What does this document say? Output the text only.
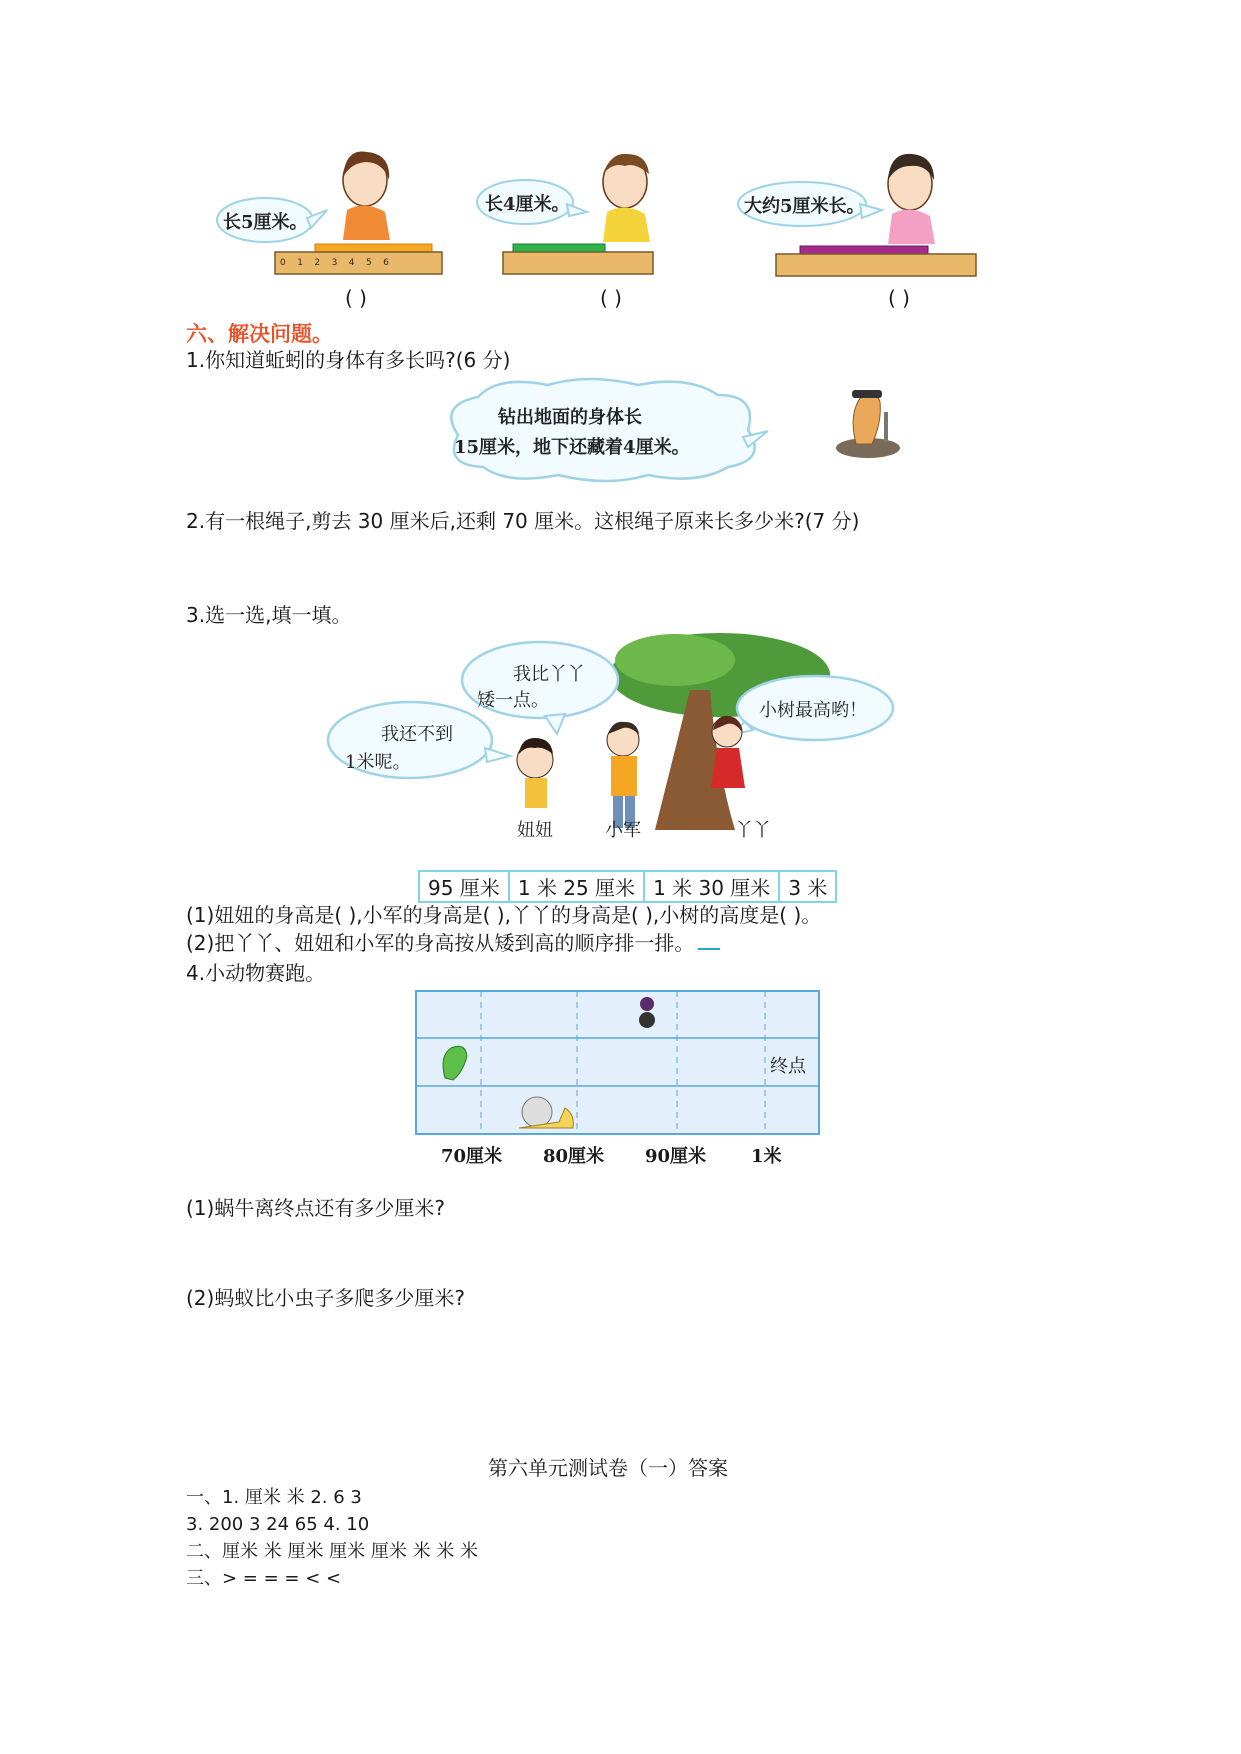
长5厘米。
( )
长4厘米。
( )
大约5厘米长。
( )
0 1 2 3 4 5 6
六、解决问题。
1.你知道蚯蚓的身体有多长吗?(6 分)
钻出地面的身体长
15厘米，地下还藏着4厘米。
2.有一根绳子,剪去 30 厘米后,还剩 70 厘米。这根绳子原来长多少米?(7 分)
3.选一选,填一填。
我比丫丫
矮一点。
我还不到
1米呢。
小树最高哟！
妞妞	小军	丫丫
95 厘米	1 米 25 厘米	1 米 30 厘米	3 米
(1)妞妞的身高是( ),小军的身高是( ),丫丫的身高是( ),小树的高度是( )。
(2)把丫丫、妞妞和小军的身高按从矮到高的顺序排一排。
4.小动物赛跑。
终点
70厘米 80厘米 90厘米 1米
(1)蜗牛离终点还有多少厘米?
(2)蚂蚁比小虫子多爬多少厘米?
第六单元测试卷（一）答案
一、1. 厘米 米 2. 6 3
3. 200 3 24 65 4. 10
二、厘米 米 厘米 厘米 厘米 米 米 米
三、> = = = < <
